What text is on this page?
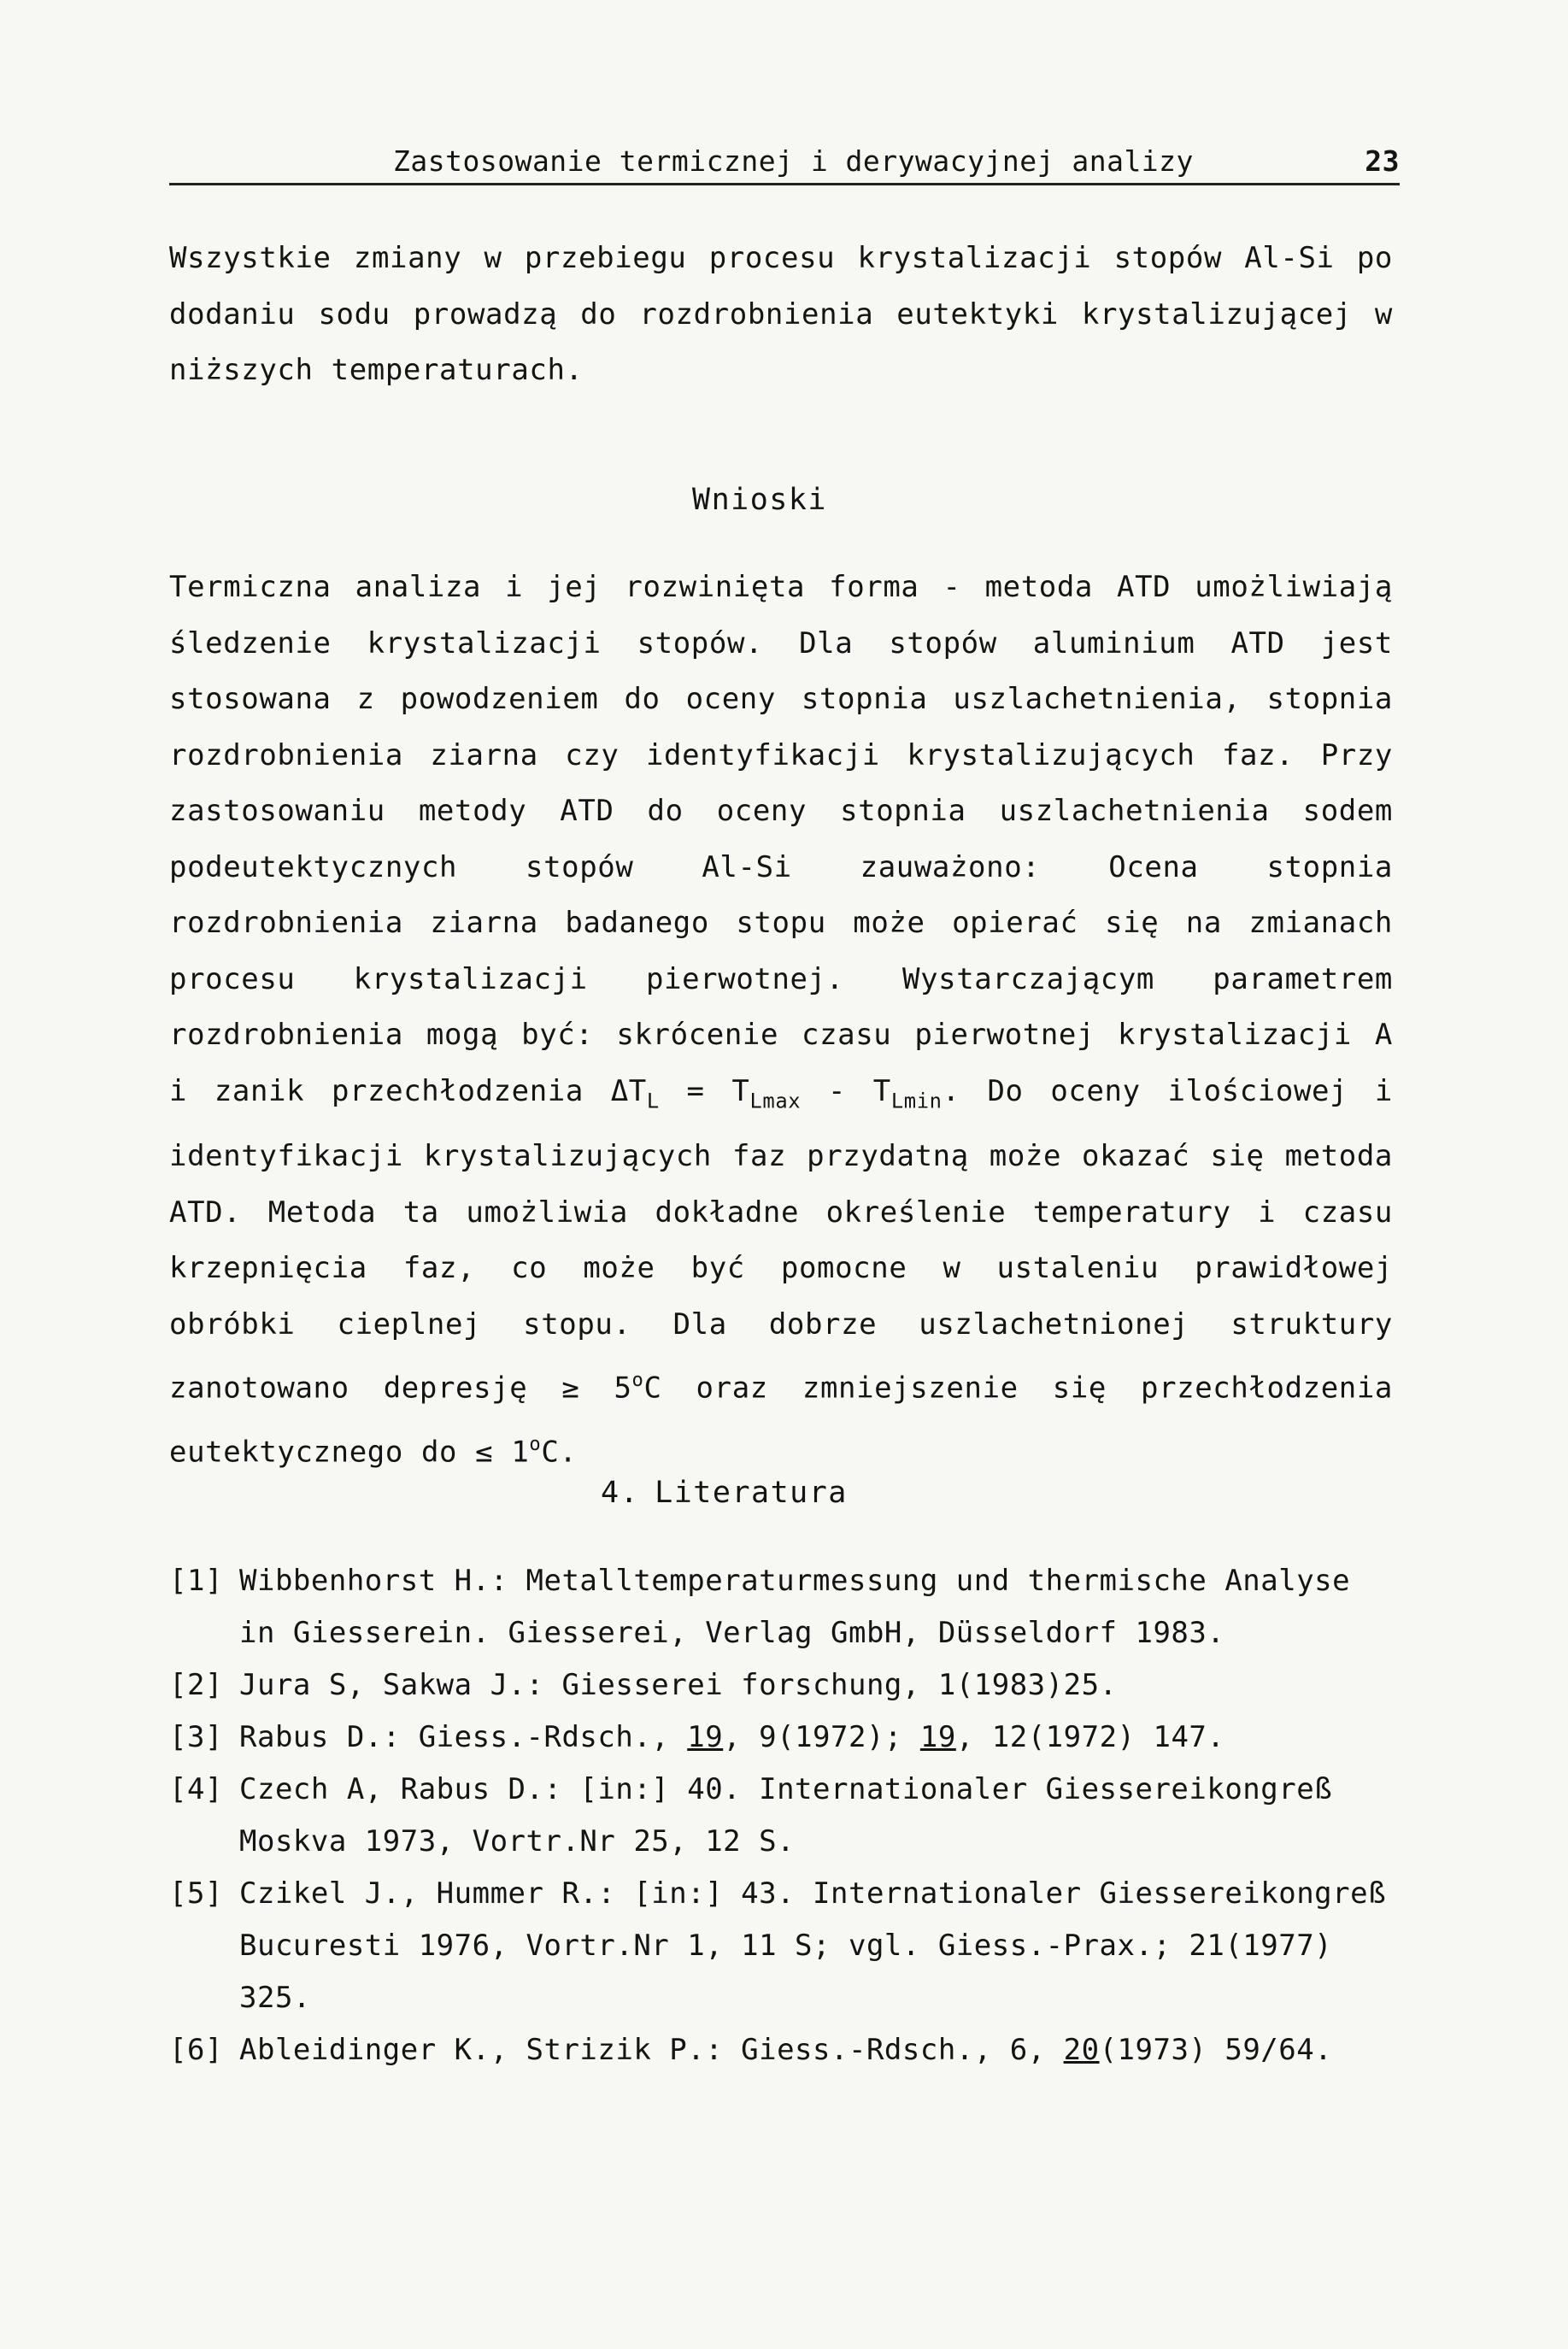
Zastosowanie termicznej i derywacyjnej analizy	23

Wszystkie zmiany w przebiegu procesu krystalizacji stopów Al-Si po dodaniu sodu prowadzą do rozdrobnienia eutektyki krystalizującej w niższych temperaturach.

Wnioski

Termiczna analiza i jej rozwinięta forma - metoda ATD umożliwiają śledzenie krystalizacji stopów. Dla stopów aluminium ATD jest stosowana z powodzeniem do oceny stopnia uszlachetnienia, stopnia rozdrobnienia ziarna czy identyfikacji krystalizujących faz. Przy zastosowaniu metody ATD do oceny stopnia uszlachetnienia sodem podeutektycznych stopów Al-Si zauważono: Ocena stopnia rozdrobnienia ziarna badanego stopu może opierać się na zmianach procesu krystalizacji pierwotnej. Wystarczającym parametrem rozdrobnienia mogą być: skrócenie czasu pierwotnej krystalizacji A i zanik przechłodzenia $\Delta T_L = T_{Lmax} - T_{Lmin}$. Do oceny ilościowej i identyfikacji krystalizujących faz przydatną może okazać się metoda ATD. Metoda ta umożliwia dokładne określenie temperatury i czasu krzepnięcia faz, co może być pomocne w ustaleniu prawidłowej obróbki cieplnej stopu. Dla dobrze uszlachetnionej struktury zanotowano depresję ≥ $5^oC$ oraz zmniejszenie się przechłodzenia eutektycznego do ≤ $1^oC$.

4. Literatura
[1] Wibbenhorst H.: Metalltemperaturmessung und thermische Analyse
in Giesserein. Giesserei, Verlag GmbH, Düsseldorf 1983.
[2] Jura S, Sakwa J.: Giesserei forschung, 1(1983)25.
[3] Rabus D.: Giess.-Rdsch., 19, 9(1972); 19, 12(1972) 147.
[4] Czech A, Rabus D.: [in:] 40. Internationaler Giessereikongreß
Moskva 1973, Vortr.Nr 25, 12 S.
[5] Czikel J., Hummer R.: [in:] 43. Internationaler Giessereikongreß
Bucuresti 1976, Vortr.Nr 1, 11 S; vgl. Giess.-Prax.; 21(1977)
325.
[6] Ableidinger K., Strizik P.: Giess.-Rdsch., 6, 20(1973) 59/64.
